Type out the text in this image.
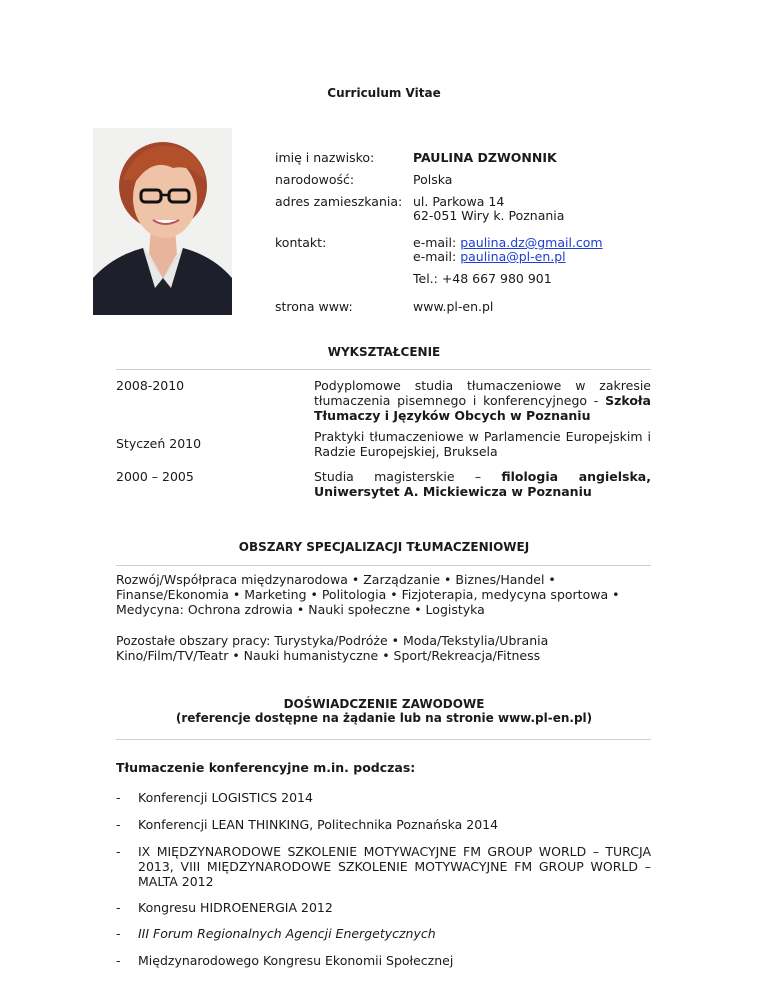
Curriculum Vitae
imię i nazwisko:	PAULINA DZWONNIK
narodowość:	Polska
adres zamieszkania: ul. Parkowa 14
62-051 Wiry k. Poznania
kontakt:	e-mail: paulina.dz@gmail.com
e-mail: paulina@pl-en.pl
Tel.: +48 667 980 901
strona www:	www.pl-en.pl
WYKSZTAŁCENIE
2008-2010	Podyplomowe studia tłumaczeniowe w zakresie tłumaczenia pisemnego i konferencyjnego - Szkoła Tłumaczy i Języków Obcych w Poznaniu
Styczeń 2010	Praktyki tłumaczeniowe w Parlamencie Europejskim i Radzie Europejskiej, Bruksela
2000 – 2005	Studia magisterskie – filologia angielska, Uniwersytet A. Mickiewicza w Poznaniu
OBSZARY SPECJALIZACJI TŁUMACZENIOWEJ
Rozwój/Współpraca międzynarodowa • Zarządzanie • Biznes/Handel • Finanse/Ekonomia • Marketing • Politologia • Fizjoterapia, medycyna sportowa • Medycyna: Ochrona zdrowia • Nauki społeczne • Logistyka
Pozostałe obszary pracy: Turystyka/Podróże • Moda/Tekstylia/Ubrania Kino/Film/TV/Teatr • Nauki humanistyczne • Sport/Rekreacja/Fitness
DOŚWIADCZENIE ZAWODOWE
(referencje dostępne na żądanie lub na stronie www.pl-en.pl)
Tłumaczenie konferencyjne m.in. podczas:
- Konferencji LOGISTICS 2014
- Konferencji LEAN THINKING, Politechnika Poznańska 2014
- IX MIĘDZYNARODOWE SZKOLENIE MOTYWACYJNE FM GROUP WORLD – TURCJA 2013, VIII MIĘDZYNARODOWE SZKOLENIE MOTYWACYJNE FM GROUP WORLD – MALTA 2012
- Kongresu HIDROENERGIA 2012
- III Forum Regionalnych Agencji Energetycznych
- Międzynarodowego Kongresu Ekonomii Społecznej
